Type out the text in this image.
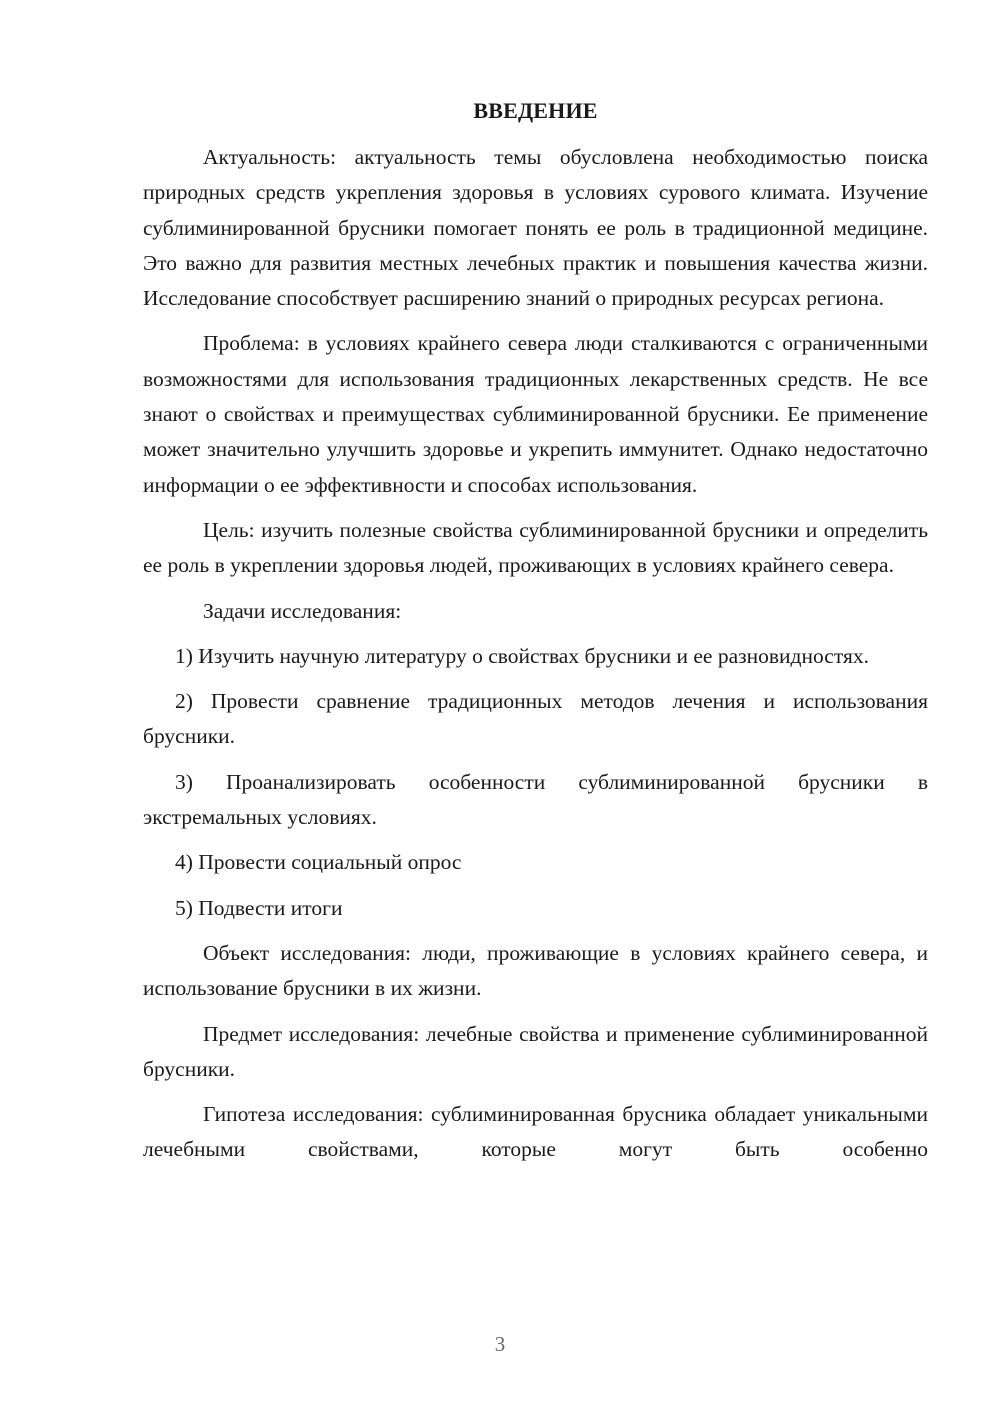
ВВЕДЕНИЕ

Актуальность: актуальность темы обусловлена необходимостью поиска природных средств укрепления здоровья в условиях сурового климата. Изучение сублиминированной брусники помогает понять ее роль в традиционной медицине. Это важно для развития местных лечебных практик и повышения качества жизни. Исследование способствует расширению знаний о природных ресурсах региона.

Проблема: в условиях крайнего севера люди сталкиваются с ограниченными возможностями для использования традиционных лекарственных средств. Не все знают о свойствах и преимуществах сублиминированной брусники. Ее применение может значительно улучшить здоровье и укрепить иммунитет. Однако недостаточно информации о ее эффективности и способах использования.

Цель: изучить полезные свойства сублиминированной брусники и определить ее роль в укреплении здоровья людей, проживающих в условиях крайнего севера.

Задачи исследования:

1) Изучить научную литературу о свойствах брусники и ее разновидностях.

2) Провести сравнение традиционных методов лечения и использования брусники.

3) Проанализировать особенности сублиминированной брусники в экстремальных условиях.

4) Провести социальный опрос

5) Подвести итоги

Объект исследования: люди, проживающие в условиях крайнего севера, и использование брусники в их жизни.

Предмет исследования: лечебные свойства и применение сублиминированной брусники.

Гипотеза исследования: сублиминированная брусника обладает уникальными лечебными свойствами, которые могут быть особенно

3
